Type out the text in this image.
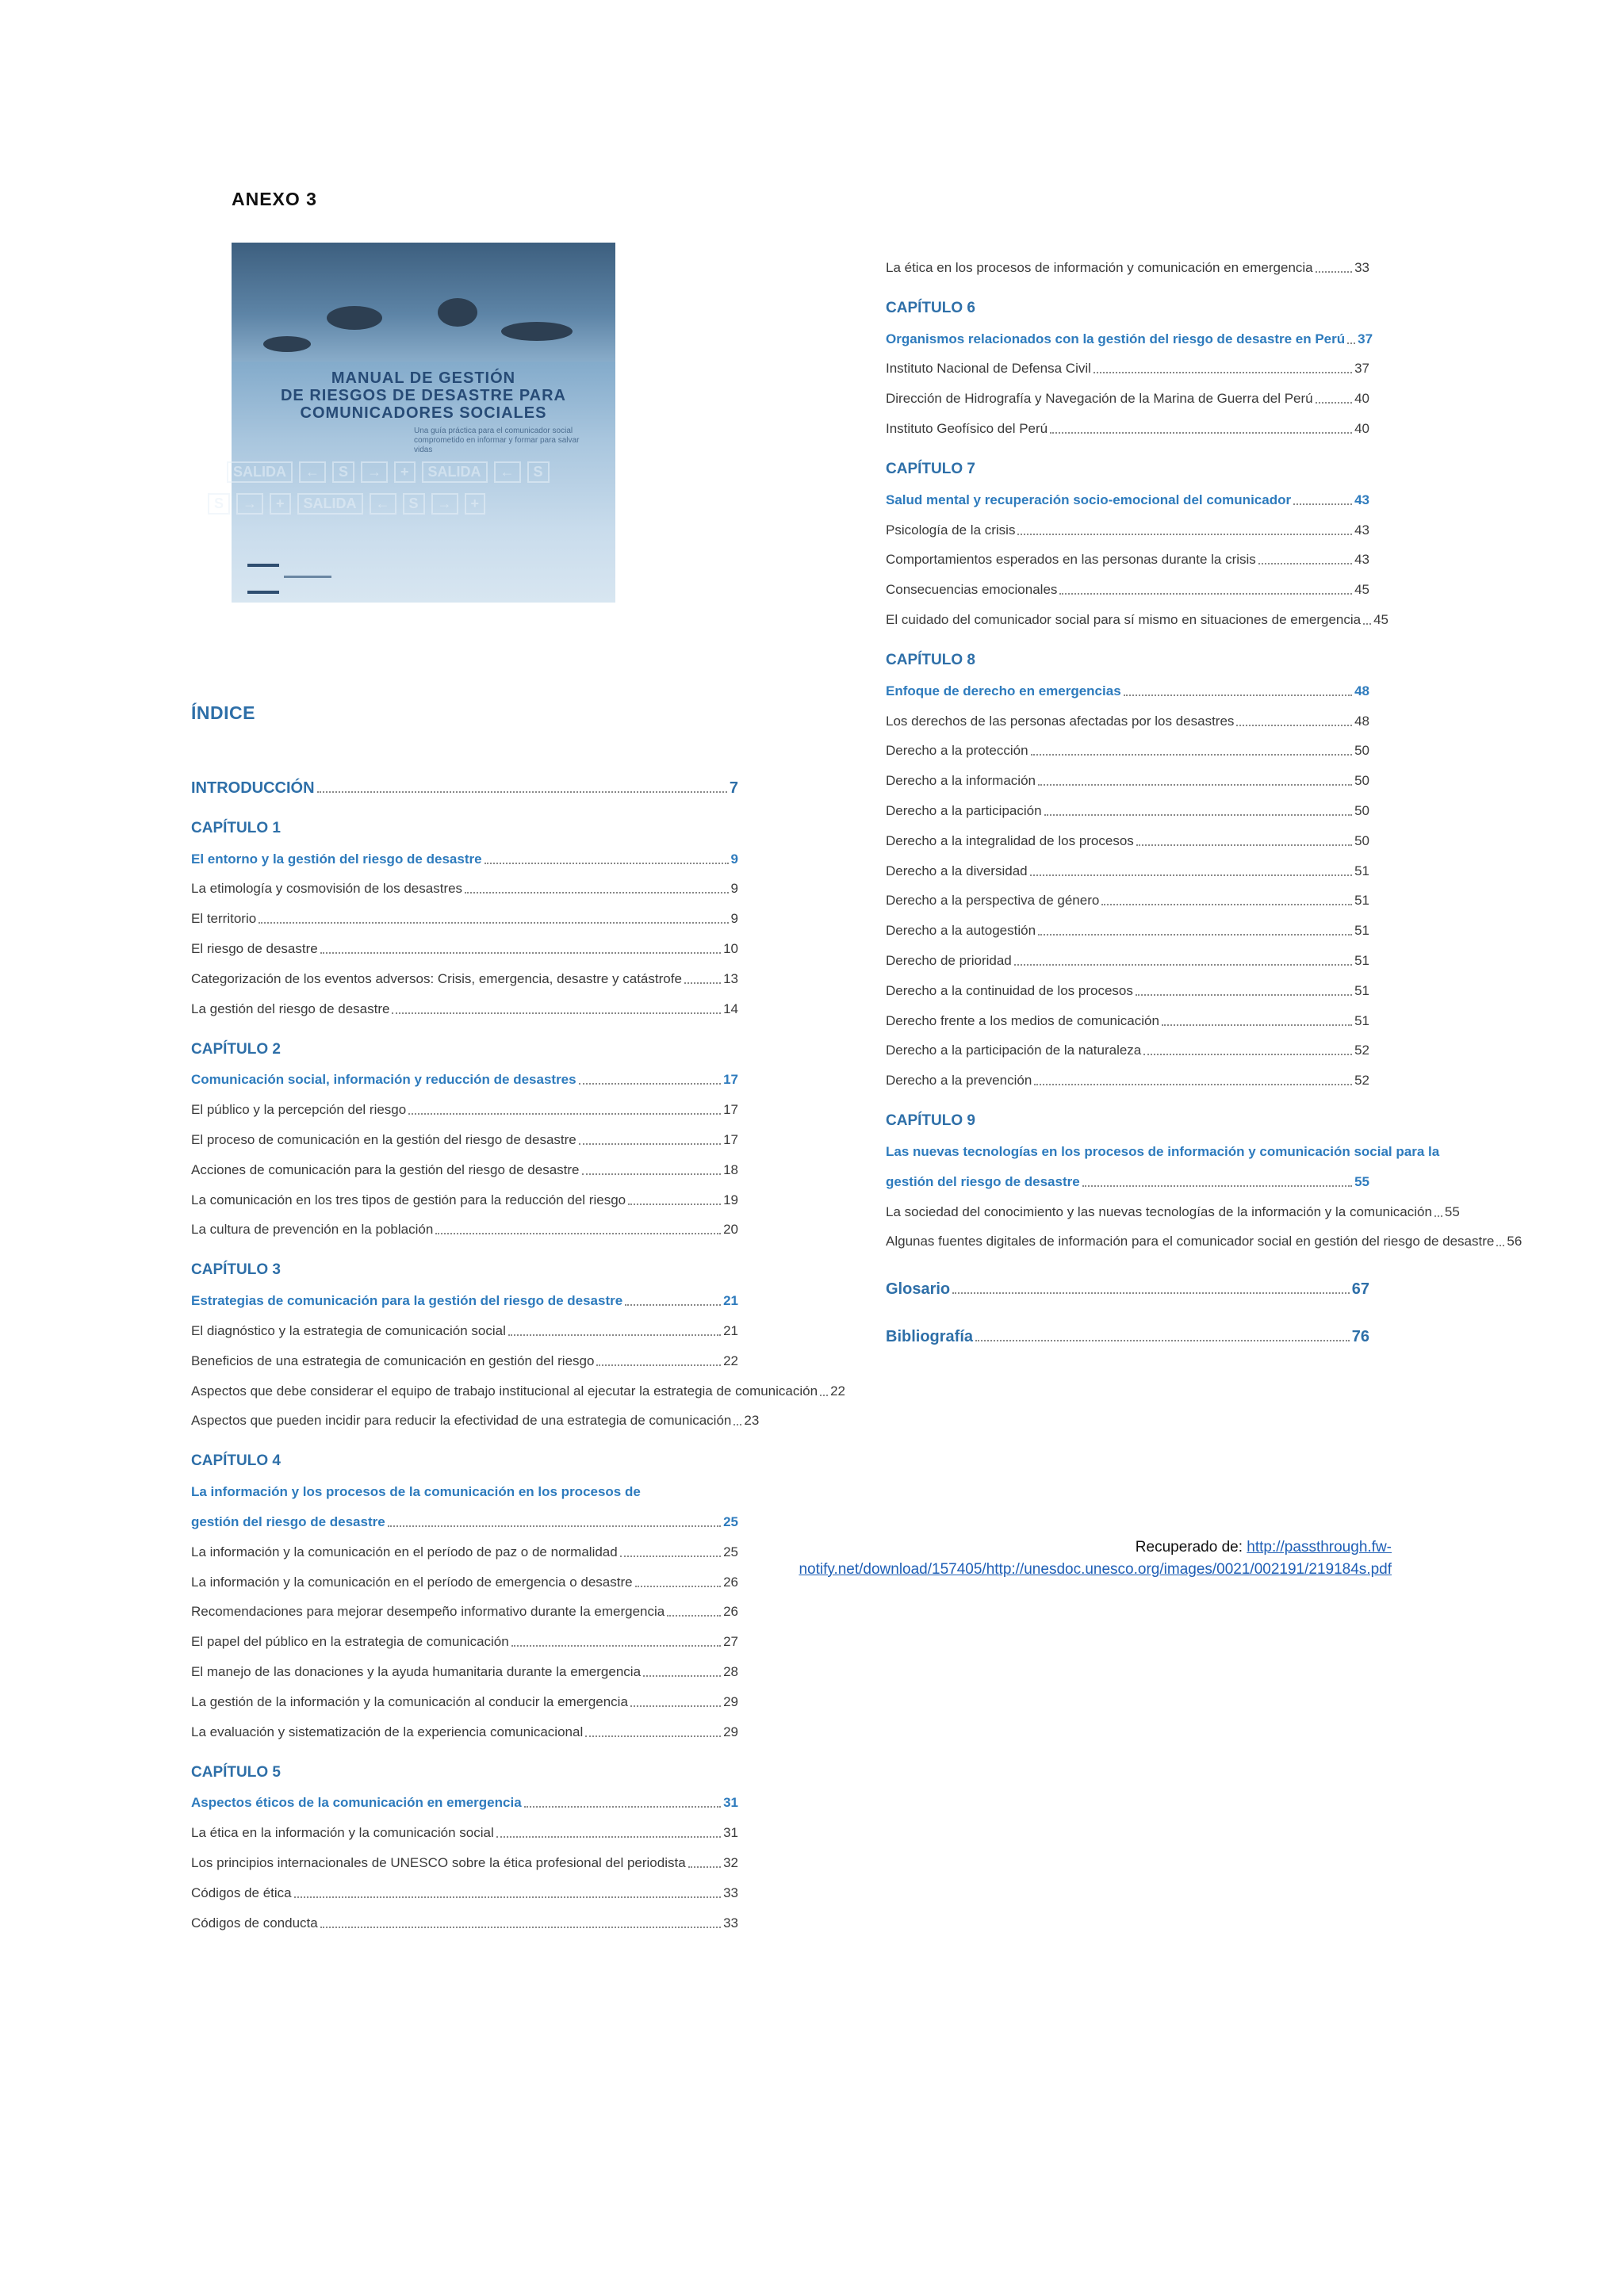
ANEXO 3
MANUAL DE GESTIÓN
DE RIESGOS DE DESASTRE PARA
COMUNICADORES SOCIALES
Una guía práctica para el comunicador social comprometido en informar y formar para salvar vidas
SALIDA	←	S	→	+	SALIDA	←	S
S	→	+	SALIDA	←	S	→	+
ÍNDICE
INTRODUCCIÓN	7
CAPÍTULO 1
El entorno y la gestión del riesgo de desastre	9
La etimología y cosmovisión de los desastres	9
El territorio	9
El riesgo de desastre	10
Categorización de los eventos adversos: Crisis, emergencia, desastre y catástrofe	13
La gestión del riesgo de desastre	14
CAPÍTULO 2
Comunicación social, información y reducción de desastres	17
El público y la percepción del riesgo	17
El proceso de comunicación en la gestión del riesgo de desastre	17
Acciones de comunicación para la gestión del riesgo de desastre	18
La comunicación en los tres tipos de gestión para la reducción del riesgo	19
La cultura de prevención en la población	20
CAPÍTULO 3
Estrategias de comunicación para la gestión del riesgo de desastre	21
El diagnóstico y la estrategia de comunicación social	21
Beneficios de una estrategia de comunicación en gestión del riesgo	22
Aspectos que debe considerar el equipo de trabajo institucional al ejecutar la estrategia de comunicación 22
Aspectos que pueden incidir para reducir la efectividad de una estrategia de comunicación 23
CAPÍTULO 4
La información y los procesos de la comunicación en los procesos de
gestión del riesgo de desastre	25
La información y la comunicación en el período de paz o de normalidad	25
La información y la comunicación en el período de emergencia o desastre	26
Recomendaciones para mejorar desempeño informativo durante la emergencia	26
El papel del público en la estrategia de comunicación	27
El manejo de las donaciones y la ayuda humanitaria durante la emergencia	28
La gestión de la información y la comunicación al conducir la emergencia	29
La evaluación y sistematización de la experiencia comunicacional	29
CAPÍTULO 5
Aspectos éticos de la comunicación en emergencia	31
La ética en la información y la comunicación social	31
Los principios internacionales de UNESCO sobre la ética profesional del periodista	32
Códigos de ética	33
Códigos de conducta	33
La ética en los procesos de información y comunicación en emergencia	33
CAPÍTULO 6
Organismos relacionados con la gestión del riesgo de desastre en Perú 37
Instituto Nacional de Defensa Civil	37
Dirección de Hidrografía y Navegación de la Marina de Guerra del Perú	40
Instituto Geofísico del Perú	40
CAPÍTULO 7
Salud mental y recuperación socio-emocional del comunicador	43
Psicología de la crisis	43
Comportamientos esperados en las personas durante la crisis	43
Consecuencias emocionales	45
El cuidado del comunicador social para sí mismo en situaciones de emergencia 45
CAPÍTULO 8
Enfoque de derecho en emergencias	48
Los derechos de las personas afectadas por los desastres	48
Derecho a la protección	50
Derecho a la información	50
Derecho a la participación	50
Derecho a la integralidad de los procesos	50
Derecho a la diversidad	51
Derecho a la perspectiva de género	51
Derecho a la autogestión	51
Derecho de prioridad	51
Derecho a la continuidad de los procesos	51
Derecho frente a los medios de comunicación	51
Derecho a la participación de la naturaleza	52
Derecho a la prevención	52
CAPÍTULO 9
Las nuevas tecnologías en los procesos de información y comunicación social para la
gestión del riesgo de desastre	55
La sociedad del conocimiento y las nuevas tecnologías de la información y la comunicación 55
Algunas fuentes digitales de información para el comunicador social en gestión del riesgo de desastre 56
Glosario	67
Bibliografía	76
Recuperado de: http://passthrough.fw-
notify.net/download/157405/http://unesdoc.unesco.org/images/0021/002191/219184s.pdf
